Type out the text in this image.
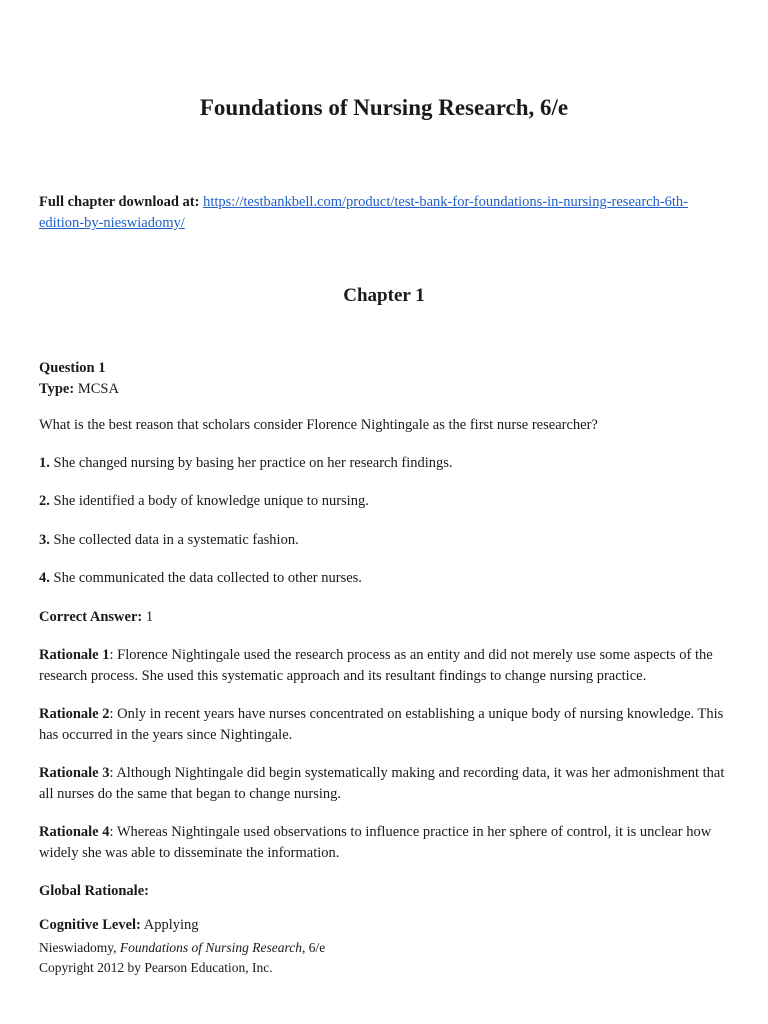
Foundations of Nursing Research, 6/e
Full chapter download at: https://testbankbell.com/product/test-bank-for-foundations-in-nursing-research-6th-edition-by-nieswiadomy/
Chapter 1
Question 1
Type: MCSA

What is the best reason that scholars consider Florence Nightingale as the first nurse researcher?

1. She changed nursing by basing her practice on her research findings.

2. She identified a body of knowledge unique to nursing.

3. She collected data in a systematic fashion.

4. She communicated the data collected to other nurses.

Correct Answer: 1

Rationale 1: Florence Nightingale used the research process as an entity and did not merely use some aspects of the research process. She used this systematic approach and its resultant findings to change nursing practice.

Rationale 2: Only in recent years have nurses concentrated on establishing a unique body of nursing knowledge. This has occurred in the years since Nightingale.

Rationale 3: Although Nightingale did begin systematically making and recording data, it was her admonishment that all nurses do the same that began to change nursing.

Rationale 4: Whereas Nightingale used observations to influence practice in her sphere of control, it is unclear how widely she was able to disseminate the information.

Global Rationale:

Cognitive Level: Applying

Nieswiadomy, Foundations of Nursing Research, 6/e
Copyright 2012 by Pearson Education, Inc.
